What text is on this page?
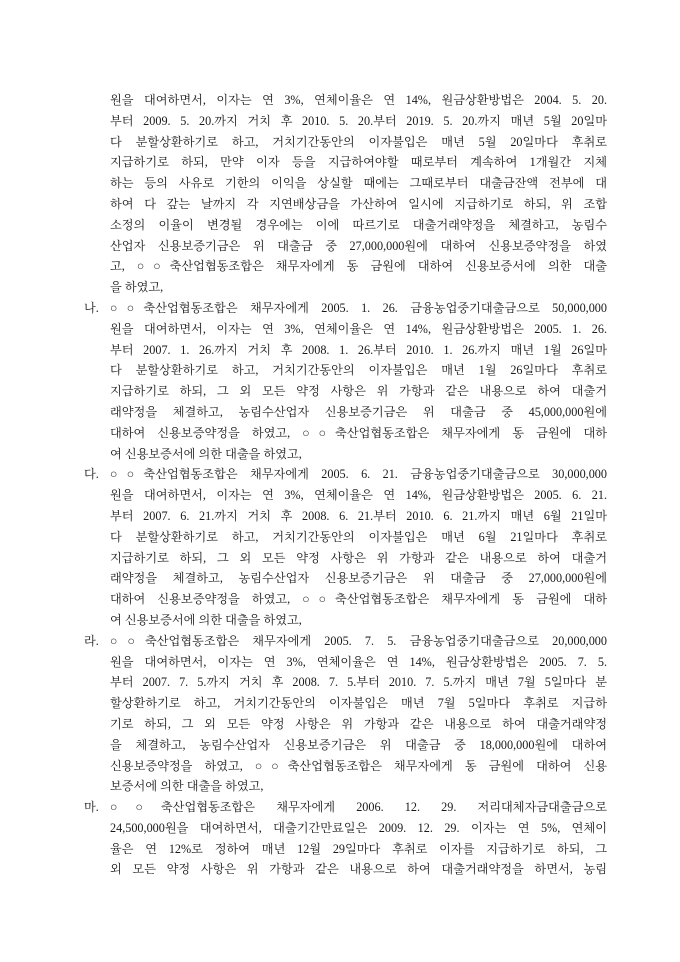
원을 대여하면서, 이자는 연 3%, 연체이율은 연 14%, 원금상환방법은 2004. 5. 20.
부터 2009. 5. 20.까지 거치 후 2010. 5. 20.부터 2019. 5. 20.까지 매년 5월 20일마
다 분할상환하기로 하고, 거치기간동안의 이자불입은 매년 5월 20일마다 후취로
지급하기로 하되, 만약 이자 등을 지급하여야할 때로부터 계속하여 1개월간 지체
하는 등의 사유로 기한의 이익을 상실할 때에는 그때로부터 대출금잔액 전부에 대
하여 다 갚는 날까지 각 지연배상금을 가산하여 일시에 지급하기로 하되, 위 조합
소정의 이율이 변경될 경우에는 이에 따르기로 대출거래약정을 체결하고, 농림수
산업자 신용보증기금은 위 대출금 중 27,000,000원에 대하여 신용보증약정을 하였
고, ○○축산업협동조합은 채무자에게 동 금원에 대하여 신용보증서에 의한 대출
을 하였고,
나. ○○축산업협동조합은 채무자에게 2005. 1. 26. 금융농업중기대출금으로 50,000,000
원을 대여하면서, 이자는 연 3%, 연체이율은 연 14%, 원금상환방법은 2005. 1. 26.
부터 2007. 1. 26.까지 거치 후 2008. 1. 26.부터 2010. 1. 26.까지 매년 1월 26일마
다 분할상환하기로 하고, 거치기간동안의 이자불입은 매년 1월 26일마다 후취로
지급하기로 하되, 그 외 모든 약정 사항은 위 가항과 같은 내용으로 하여 대출거
래약정을 체결하고, 농림수산업자 신용보증기금은 위 대출금 중 45,000,000원에
대하여 신용보증약정을 하였고, ○○축산업협동조합은 채무자에게 동 금원에 대하
여 신용보증서에 의한 대출을 하였고,
다. ○○축산업협동조합은 채무자에게 2005. 6. 21. 금융농업중기대출금으로 30,000,000
원을 대여하면서, 이자는 연 3%, 연체이율은 연 14%, 원금상환방법은 2005. 6. 21.
부터 2007. 6. 21.까지 거치 후 2008. 6. 21.부터 2010. 6. 21.까지 매년 6월 21일마
다 분할상환하기로 하고, 거치기간동안의 이자불입은 매년 6월 21일마다 후취로
지급하기로 하되, 그 외 모든 약정 사항은 위 가항과 같은 내용으로 하여 대출거
래약정을 체결하고, 농림수산업자 신용보증기금은 위 대출금 중 27,000,000원에
대하여 신용보증약정을 하였고, ○○축산업협동조합은 채무자에게 동 금원에 대하
여 신용보증서에 의한 대출을 하였고,
라. ○○축산업협동조합은 채무자에게 2005. 7. 5. 금융농업중기대출금으로 20,000,000
원을 대여하면서, 이자는 연 3%, 연체이율은 연 14%, 원금상환방법은 2005. 7. 5.
부터 2007. 7. 5.까지 거치 후 2008. 7. 5.부터 2010. 7. 5.까지 매년 7월 5일마다 분
할상환하기로 하고, 거치기간동안의 이자불입은 매년 7월 5일마다 후취로 지급하
기로 하되, 그 외 모든 약정 사항은 위 가항과 같은 내용으로 하여 대출거래약정
을 체결하고, 농림수산업자 신용보증기금은 위 대출금 중 18,000,000원에 대하여
신용보증약정을 하였고, ○○축산업협동조합은 채무자에게 동 금원에 대하여 신용
보증서에 의한 대출을 하였고,
마. ○○축산업협동조합은 채무자에게 2006. 12. 29. 저리대체자금대출금으로
24,500,000원을 대여하면서, 대출기간만료일은 2009. 12. 29. 이자는 연 5%, 연체이
율은 연 12%로 정하여 매년 12월 29일마다 후취로 이자를 지급하기로 하되, 그
외 모든 약정 사항은 위 가항과 같은 내용으로 하여 대출거래약정을 하면서, 농림
